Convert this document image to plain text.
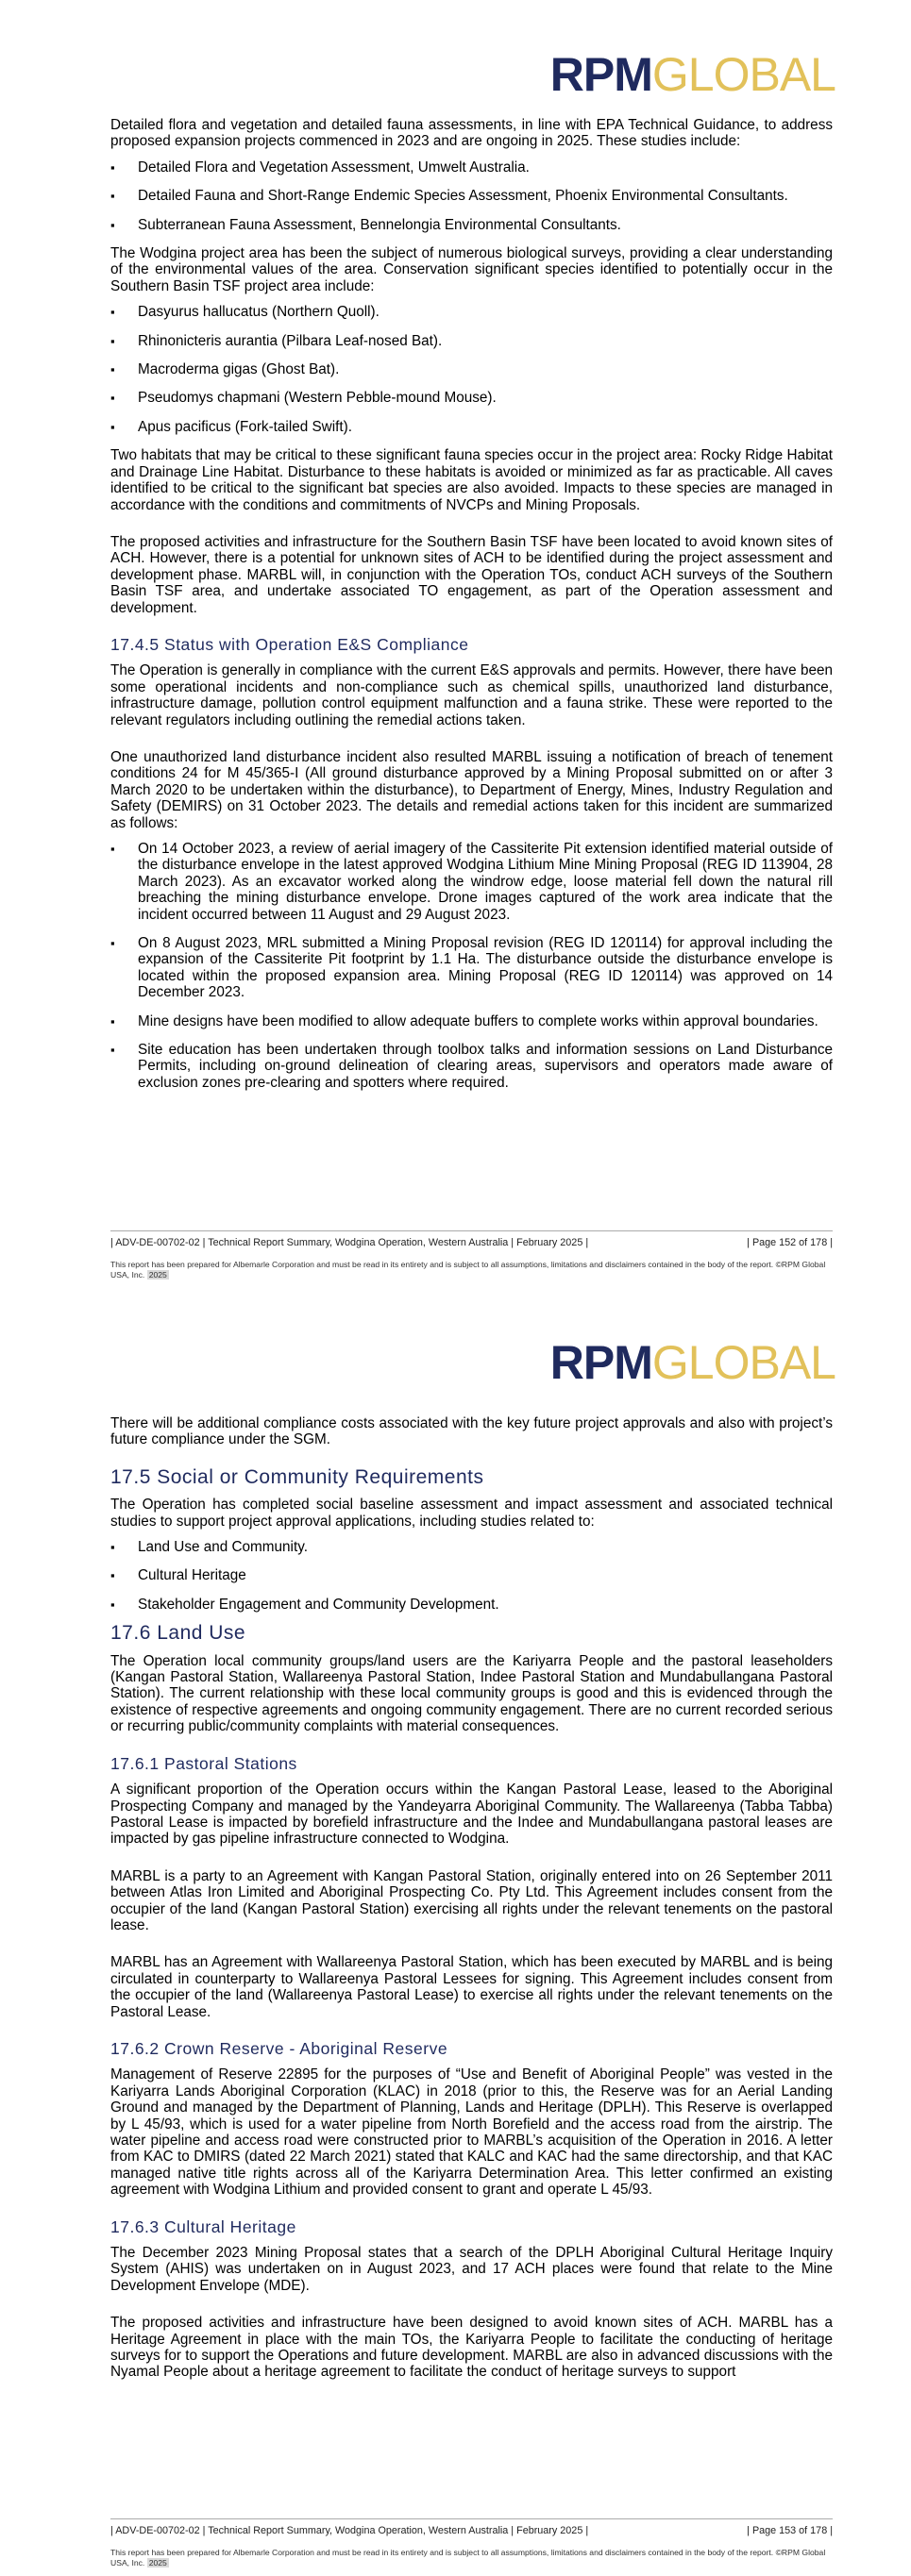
RPMGLOBAL

Detailed flora and vegetation and detailed fauna assessments, in line with EPA Technical Guidance, to address proposed expansion projects commenced in 2023 and are ongoing in 2025. These studies include:

▪ Detailed Flora and Vegetation Assessment, Umwelt Australia.
▪ Detailed Fauna and Short-Range Endemic Species Assessment, Phoenix Environmental Consultants.
▪ Subterranean Fauna Assessment, Bennelongia Environmental Consultants.

The Wodgina project area has been the subject of numerous biological surveys, providing a clear understanding of the environmental values of the area. Conservation significant species identified to potentially occur in the Southern Basin TSF project area include:

▪ Dasyurus hallucatus (Northern Quoll).
▪ Rhinonicteris aurantia (Pilbara Leaf-nosed Bat).
▪ Macroderma gigas (Ghost Bat).
▪ Pseudomys chapmani (Western Pebble-mound Mouse).
▪ Apus pacificus (Fork-tailed Swift).

Two habitats that may be critical to these significant fauna species occur in the project area: Rocky Ridge Habitat and Drainage Line Habitat. Disturbance to these habitats is avoided or minimized as far as practicable. All caves identified to be critical to the significant bat species are also avoided. Impacts to these species are managed in accordance with the conditions and commitments of NVCPs and Mining Proposals.

The proposed activities and infrastructure for the Southern Basin TSF have been located to avoid known sites of ACH. However, there is a potential for unknown sites of ACH to be identified during the project assessment and development phase. MARBL will, in conjunction with the Operation TOs, conduct ACH surveys of the Southern Basin TSF area, and undertake associated TO engagement, as part of the Operation assessment and development.

17.4.5 Status with Operation E&S Compliance

The Operation is generally in compliance with the current E&S approvals and permits. However, there have been some operational incidents and non-compliance such as chemical spills, unauthorized land disturbance, infrastructure damage, pollution control equipment malfunction and a fauna strike. These were reported to the relevant regulators including outlining the remedial actions taken.

One unauthorized land disturbance incident also resulted MARBL issuing a notification of breach of tenement conditions 24 for M 45/365-I (All ground disturbance approved by a Mining Proposal submitted on or after 3 March 2020 to be undertaken within the disturbance), to Department of Energy, Mines, Industry Regulation and Safety (DEMIRS) on 31 October 2023. The details and remedial actions taken for this incident are summarized as follows:

▪ On 14 October 2023, a review of aerial imagery of the Cassiterite Pit extension identified material outside of the disturbance envelope in the latest approved Wodgina Lithium Mine Mining Proposal (REG ID 113904, 28 March 2023). As an excavator worked along the windrow edge, loose material fell down the natural rill breaching the mining disturbance envelope. Drone images captured of the work area indicate that the incident occurred between 11 August and 29 August 2023.
▪ On 8 August 2023, MRL submitted a Mining Proposal revision (REG ID 120114) for approval including the expansion of the Cassiterite Pit footprint by 1.1 Ha. The disturbance outside the disturbance envelope is located within the proposed expansion area. Mining Proposal (REG ID 120114) was approved on 14 December 2023.
▪ Mine designs have been modified to allow adequate buffers to complete works within approval boundaries.
▪ Site education has been undertaken through toolbox talks and information sessions on Land Disturbance Permits, including on-ground delineation of clearing areas, supervisors and operators made aware of exclusion zones pre-clearing and spotters where required.
| ADV-DE-00702-02 | Technical Report Summary, Wodgina Operation, Western Australia | February 2025 |	| Page 152 of 178 |
This report has been prepared for Albemarle Corporation and must be read in its entirety and is subject to all assumptions, limitations and disclaimers contained in the body of the report. ©RPM Global USA, Inc. 2025
RPMGLOBAL

There will be additional compliance costs associated with the key future project approvals and also with project’s future compliance under the SGM.

17.5 Social or Community Requirements

The Operation has completed social baseline assessment and impact assessment and associated technical studies to support project approval applications, including studies related to:

▪ Land Use and Community.
▪ Cultural Heritage
▪ Stakeholder Engagement and Community Development.
17.6 Land Use

The Operation local community groups/land users are the Kariyarra People and the pastoral leaseholders (Kangan Pastoral Station, Wallareenya Pastoral Station, Indee Pastoral Station and Mundabullangana Pastoral Station). The current relationship with these local community groups is good and this is evidenced through the existence of respective agreements and ongoing community engagement. There are no current recorded serious or recurring public/community complaints with material consequences.

17.6.1 Pastoral Stations

A significant proportion of the Operation occurs within the Kangan Pastoral Lease, leased to the Aboriginal Prospecting Company and managed by the Yandeyarra Aboriginal Community. The Wallareenya (Tabba Tabba) Pastoral Lease is impacted by borefield infrastructure and the Indee and Mundabullangana pastoral leases are impacted by gas pipeline infrastructure connected to Wodgina.

MARBL is a party to an Agreement with Kangan Pastoral Station, originally entered into on 26 September 2011 between Atlas Iron Limited and Aboriginal Prospecting Co. Pty Ltd. This Agreement includes consent from the occupier of the land (Kangan Pastoral Station) exercising all rights under the relevant tenements on the pastoral lease.

MARBL has an Agreement with Wallareenya Pastoral Station, which has been executed by MARBL and is being circulated in counterparty to Wallareenya Pastoral Lessees for signing. This Agreement includes consent from the occupier of the land (Wallareenya Pastoral Lease) to exercise all rights under the relevant tenements on the Pastoral Lease.

17.6.2 Crown Reserve - Aboriginal Reserve

Management of Reserve 22895 for the purposes of “Use and Benefit of Aboriginal People” was vested in the Kariyarra Lands Aboriginal Corporation (KLAC) in 2018 (prior to this, the Reserve was for an Aerial Landing Ground and managed by the Department of Planning, Lands and Heritage (DPLH). This Reserve is overlapped by L 45/93, which is used for a water pipeline from North Borefield and the access road from the airstrip. The water pipeline and access road were constructed prior to MARBL’s acquisition of the Operation in 2016. A letter from KAC to DMIRS (dated 22 March 2021) stated that KALC and KAC had the same directorship, and that KAC managed native title rights across all of the Kariyarra Determination Area. This letter confirmed an existing agreement with Wodgina Lithium and provided consent to grant and operate L 45/93.

17.6.3 Cultural Heritage

The December 2023 Mining Proposal states that a search of the DPLH Aboriginal Cultural Heritage Inquiry System (AHIS) was undertaken on in August 2023, and 17 ACH places were found that relate to the Mine Development Envelope (MDE).

The proposed activities and infrastructure have been designed to avoid known sites of ACH. MARBL has a Heritage Agreement in place with the main TOs, the Kariyarra People to facilitate the conducting of heritage surveys for to support the Operations and future development. MARBL are also in advanced discussions with the Nyamal People about a heritage agreement to facilitate the conduct of heritage surveys to support

| ADV-DE-00702-02 | Technical Report Summary, Wodgina Operation, Western Australia | February 2025 |	| Page 153 of 178 |
This report has been prepared for Albemarle Corporation and must be read in its entirety and is subject to all assumptions, limitations and disclaimers contained in the body of the report. ©RPM Global USA, Inc. 2025
